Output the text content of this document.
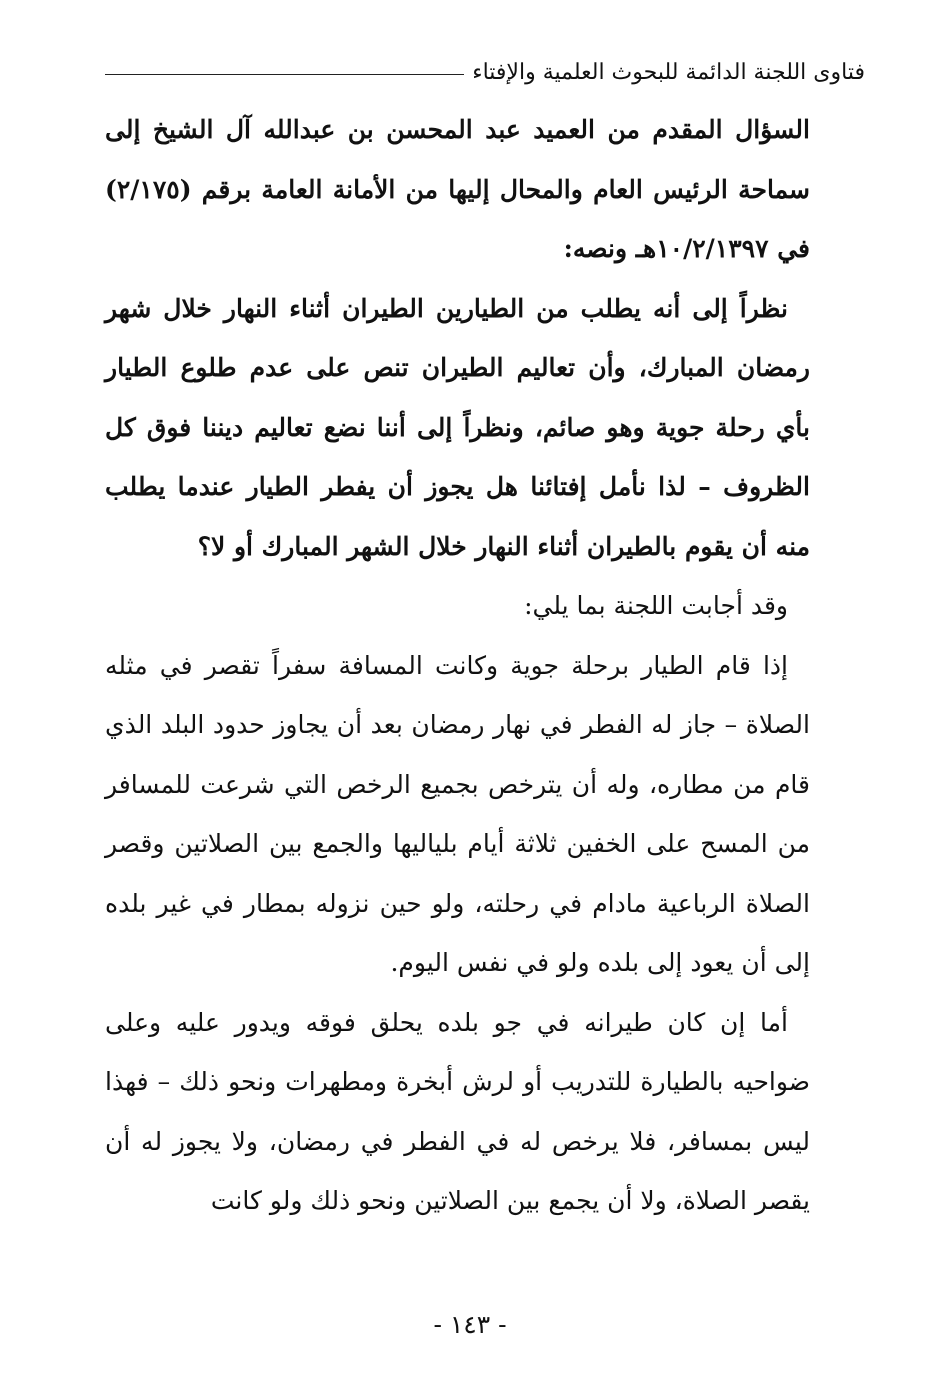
فتاوى اللجنة الدائمة للبحوث العلمية والإفتاء

السؤال المقدم من العميد عبد المحسن بن عبدالله آل الشيخ إلى سماحة الرئيس العام والمحال إليها من الأمانة العامة برقم (٢/١٧٥) في ١٠/٢/١٣٩٧هـ ونصه:

نظراً إلى أنه يطلب من الطيارين الطيران أثناء النهار خلال شهر رمضان المبارك، وأن تعاليم الطيران تنص على عدم طلوع الطيار بأي رحلة جوية وهو صائم، ونظراً إلى أننا نضع تعاليم ديننا فوق كل الظروف – لذا نأمل إفتائنا هل يجوز أن يفطر الطيار عندما يطلب منه أن يقوم بالطيران أثناء النهار خلال الشهر المبارك أو لا؟

وقد أجابت اللجنة بما يلي:

إذا قام الطيار برحلة جوية وكانت المسافة سفراً تقصر في مثله الصلاة – جاز له الفطر في نهار رمضان بعد أن يجاوز حدود البلد الذي قام من مطاره، وله أن يترخص بجميع الرخص التي شرعت للمسافر من المسح على الخفين ثلاثة أيام بلياليها والجمع بين الصلاتين وقصر الصلاة الرباعية مادام في رحلته، ولو حين نزوله بمطار في غير بلده إلى أن يعود إلى بلده ولو في نفس اليوم.

أما إن كان طيرانه في جو بلده يحلق فوقه ويدور عليه وعلى ضواحيه بالطيارة للتدريب أو لرش أبخرة ومطهرات ونحو ذلك – فهذا ليس بمسافر، فلا يرخص له في الفطر في رمضان، ولا يجوز له أن يقصر الصلاة، ولا أن يجمع بين الصلاتين ونحو ذلك ولو كانت

- ١٤٣ -
